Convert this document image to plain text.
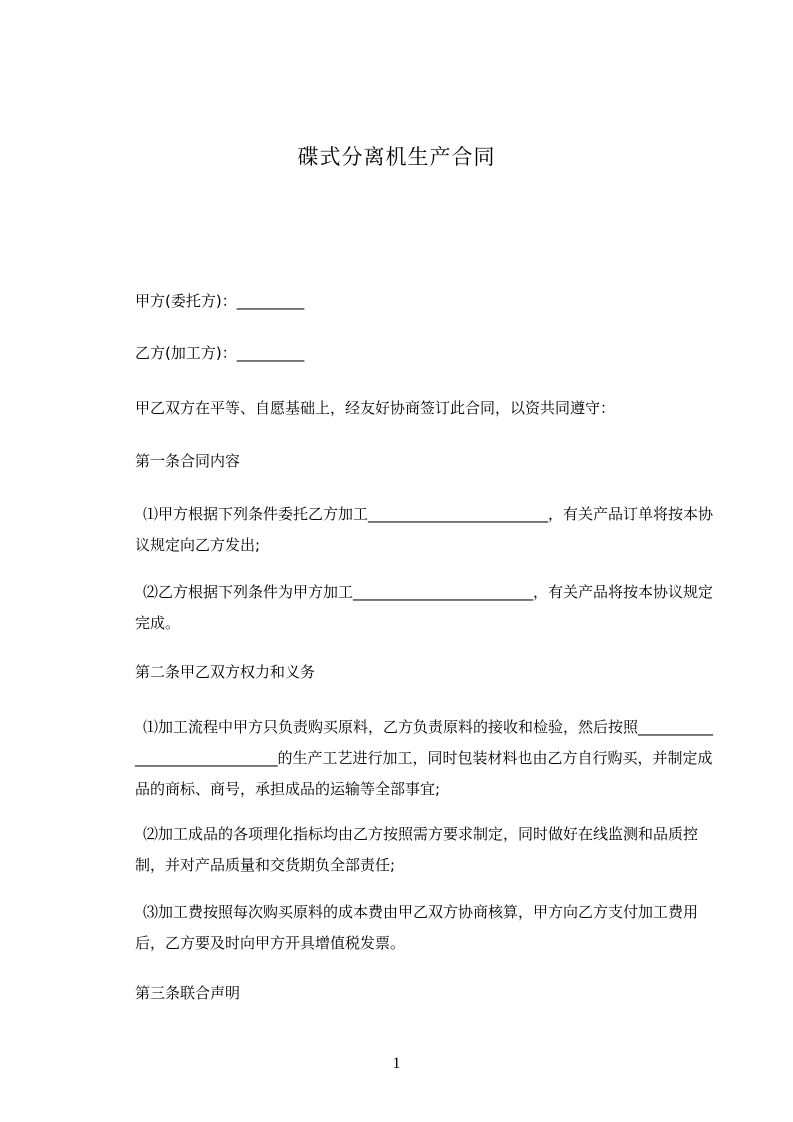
碟式分离机生产合同
甲方(委托方)：_________
乙方(加工方)：_________
甲乙双方在平等、自愿基础上，经友好协商签订此合同，以资共同遵守：
第一条合同内容
⑴甲方根据下列条件委托乙方加工________________________，有关产品订单将按本协议规定向乙方发出;
⑵乙方根据下列条件为甲方加工________________________，有关产品将按本协议规定完成。
第二条甲乙双方权力和义务
⑴加工流程中甲方只负责购买原料，乙方负责原料的接收和检验，然后按照_____________________________的生产工艺进行加工，同时包装材料也由乙方自行购买，并制定成品的商标、商号，承担成品的运输等全部事宜;
⑵加工成品的各项理化指标均由乙方按照需方要求制定，同时做好在线监测和品质控制，并对产品质量和交货期负全部责任;
⑶加工费按照每次购买原料的成本费由甲乙双方协商核算，甲方向乙方支付加工费用后，乙方要及时向甲方开具增值税发票。
第三条联合声明
1
